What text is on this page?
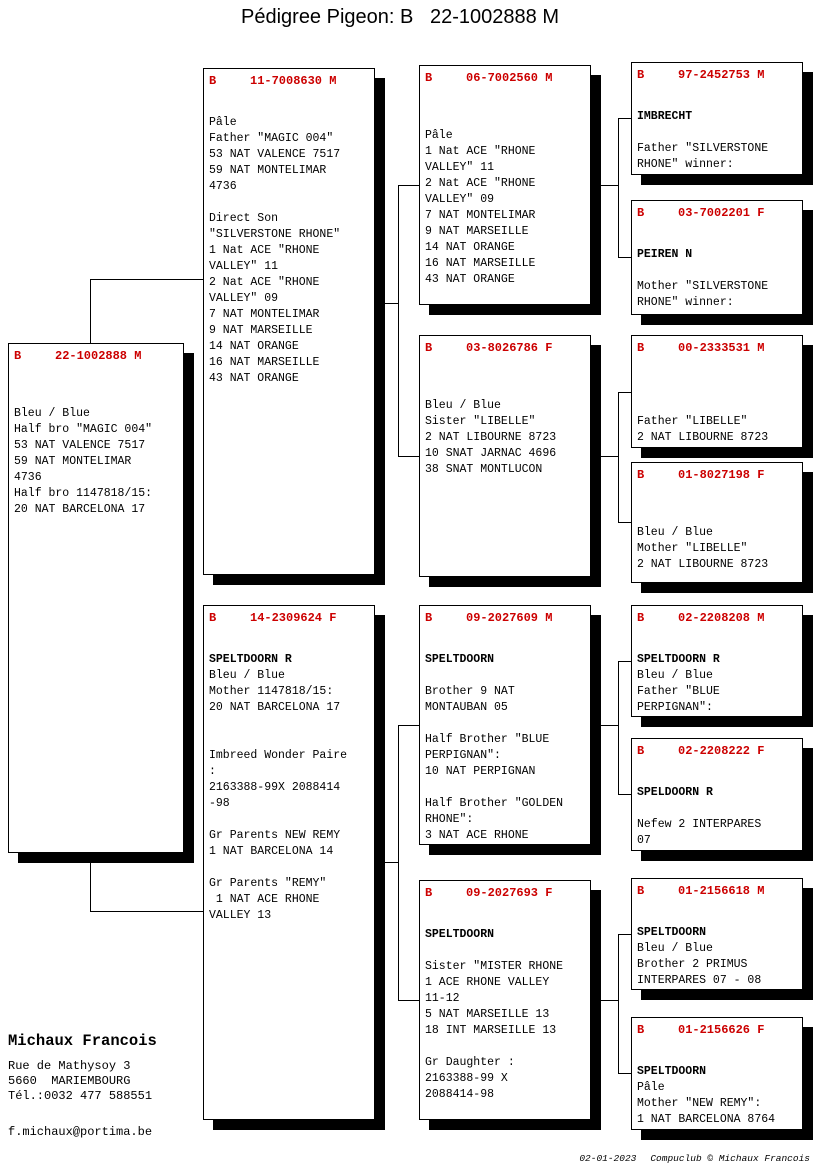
Pédigree Pigeon: B   22-1002888 M
B	22-1002888 M
Bleu / Blue
Half bro "MAGIC 004"
53 NAT VALENCE 7517
59 NAT MONTELIMAR
4736
Half bro 1147818/15:
20 NAT BARCELONA 17
B	11-7008630 M
Pâle
Father "MAGIC 004"
53 NAT VALENCE 7517
59 NAT MONTELIMAR
4736
Direct Son
"SILVERSTONE RHONE"
1 Nat ACE "RHONE
VALLEY" 11
2 Nat ACE "RHONE
VALLEY" 09
7 NAT MONTELIMAR
9 NAT MARSEILLE
14 NAT ORANGE
16 NAT MARSEILLE
43 NAT ORANGE
B	14-2309624 F
SPELTDOORN R
Bleu / Blue
Mother 1147818/15:
20 NAT BARCELONA 17
Imbreed Wonder Paire
:
2163388-99X 2088414
-98
Gr Parents NEW REMY
1 NAT BARCELONA 14
Gr Parents "REMY"
1 NAT ACE RHONE
VALLEY 13
B	06-7002560 M
Pâle
1 Nat ACE "RHONE
VALLEY" 11
2 Nat ACE "RHONE
VALLEY" 09
7 NAT MONTELIMAR
9 NAT MARSEILLE
14 NAT ORANGE
16 NAT MARSEILLE
43 NAT ORANGE
B	03-8026786 F
Bleu / Blue
Sister "LIBELLE"
2 NAT LIBOURNE 8723
10 SNAT JARNAC 4696
38 SNAT MONTLUCON
B	09-2027609 M
SPELTDOORN
Brother 9 NAT
MONTAUBAN 05
Half Brother "BLUE
PERPIGNAN":
10 NAT PERPIGNAN
Half Brother "GOLDEN
RHONE":
3 NAT ACE RHONE
B	09-2027693 F
SPELTDOORN
Sister "MISTER RHONE
1 ACE RHONE VALLEY
11-12
5 NAT MARSEILLE 13
18 INT MARSEILLE 13
Gr Daughter :
2163388-99 X
2088414-98
B	97-2452753 M
IMBRECHT
Father "SILVERSTONE
RHONE" winner:
B	03-7002201 F
PEIREN N
Mother "SILVERSTONE
RHONE" winner:
B	00-2333531 M
Father "LIBELLE"
2 NAT LIBOURNE 8723
B	01-8027198 F
Bleu / Blue
Mother "LIBELLE"
2 NAT LIBOURNE 8723
B	02-2208208 M
SPELTDOORN R
Bleu / Blue
Father "BLUE
PERPIGNAN":
B	02-2208222 F
SPELDOORN R
Nefew 2 INTERPARES
07
B	01-2156618 M
SPELTDOORN
Bleu / Blue
Brother 2 PRIMUS
INTERPARES 07 - 08
B	01-2156626 F
SPELTDOORN
Pâle
Mother "NEW REMY":
1 NAT BARCELONA 8764
Michaux Francois
Rue de Mathysoy 3
5660  MARIEMBOURG
Tél.:0032 477 588551
f.michaux@portima.be

02-01-2023 Compuclub © Michaux Francois
